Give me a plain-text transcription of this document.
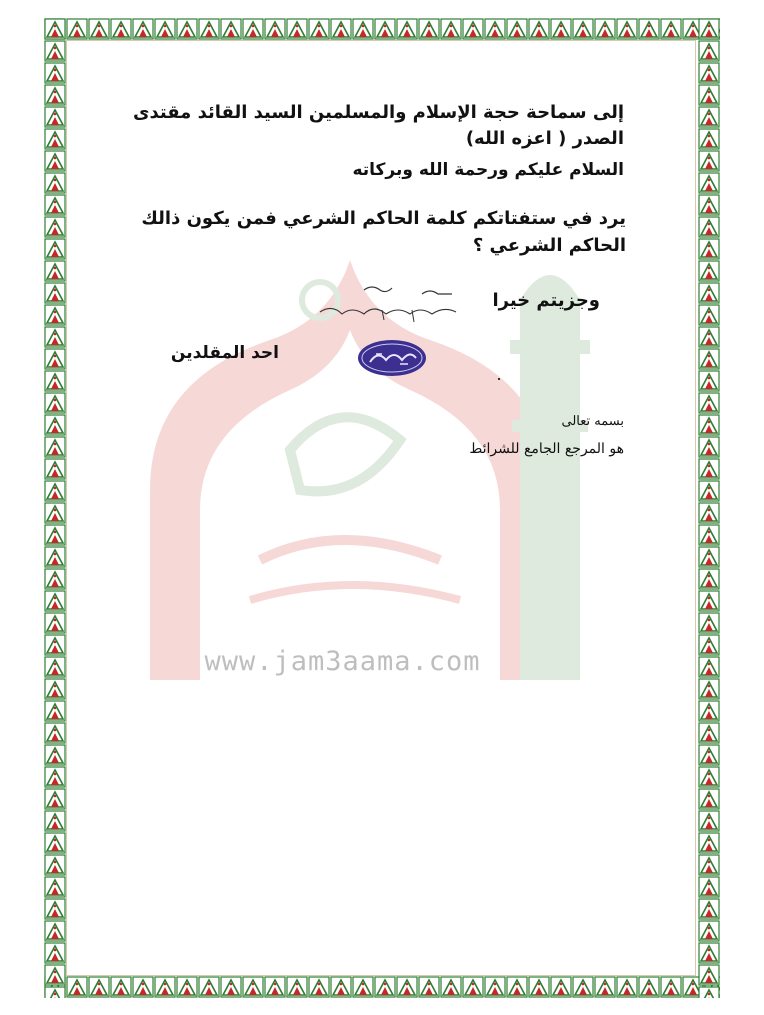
www.jam3aama.com
إلى سماحة حجة الإسلام والمسلمين السيد القائد مقتدى الصدر ( اعزه الله)
السلام عليكم ورحمة الله وبركاته
يرد في ستفتاتكم كلمة الحاكم الشرعي فمن يكون ذالك الحاكم الشرعي ؟
وجزيتم خيرا
احد المقلدين
بسمه تعالى
هو المرجع الجامع للشرائط
